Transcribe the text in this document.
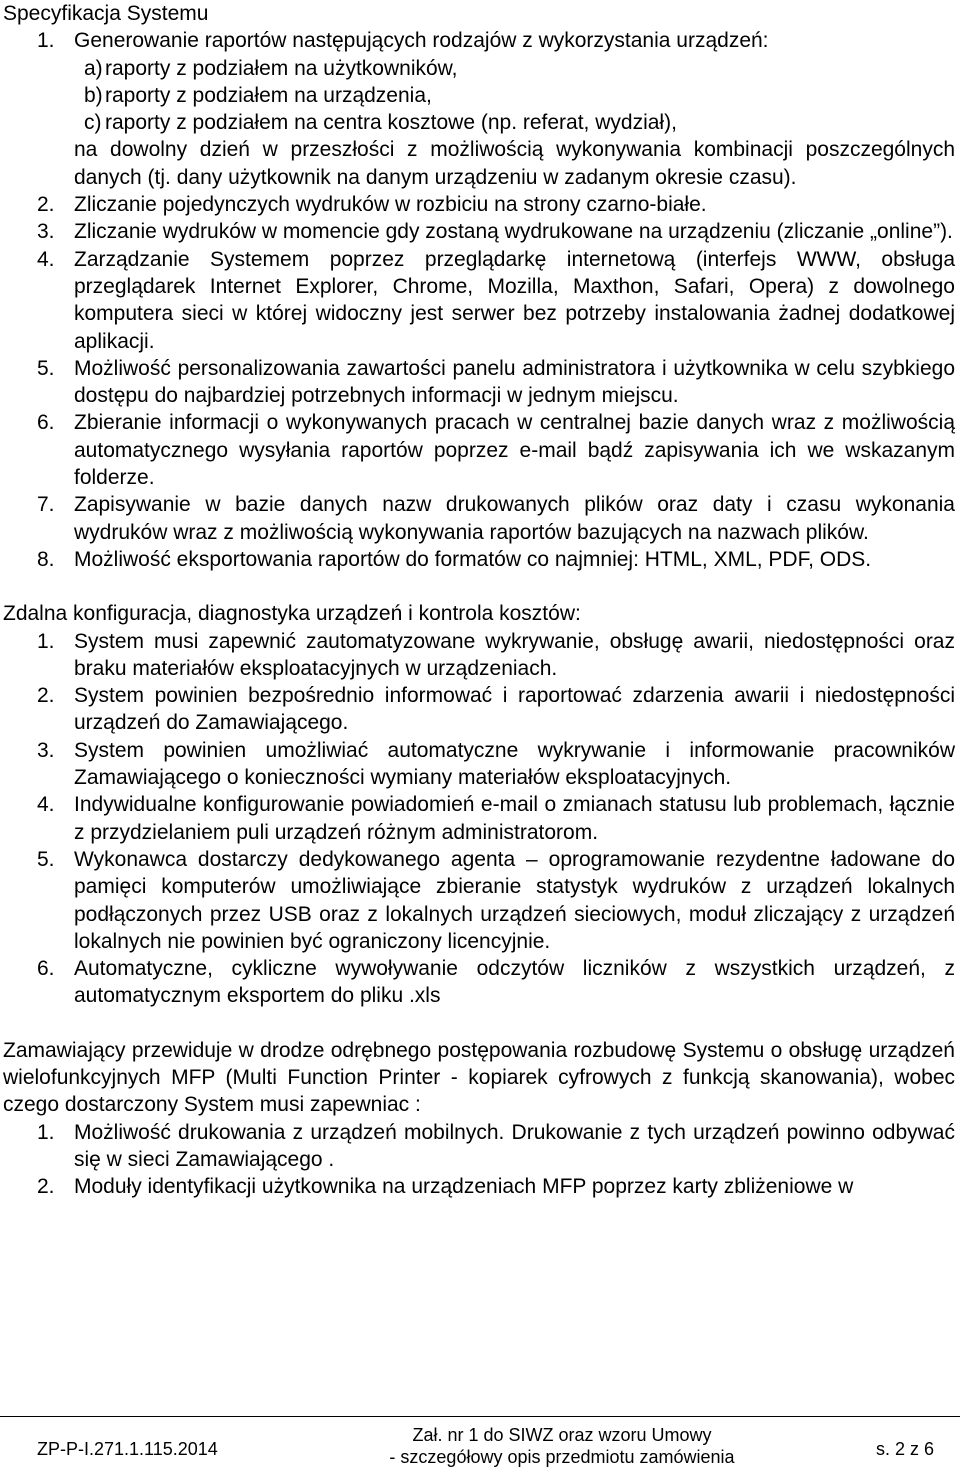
Specyfikacja Systemu
1. Generowanie raportów następujących rodzajów z wykorzystania urządzeń:
a) raporty z podziałem na użytkowników,
b) raporty z podziałem na urządzenia,
c) raporty z podziałem na centra kosztowe (np. referat, wydział),
na dowolny dzień w przeszłości z możliwością wykonywania kombinacji poszczególnych danych (tj. dany użytkownik na danym urządzeniu w zadanym okresie czasu).
2. Zliczanie pojedynczych wydruków w rozbiciu na strony czarno-białe.
3. Zliczanie wydruków w momencie gdy zostaną wydrukowane na urządzeniu (zliczanie „online”).
4. Zarządzanie Systemem poprzez przeglądarkę internetową (interfejs WWW, obsługa przeglądarek Internet Explorer, Chrome, Mozilla, Maxthon, Safari, Opera) z dowolnego komputera sieci w której widoczny jest serwer bez potrzeby instalowania żadnej dodatkowej aplikacji.
5. Możliwość personalizowania zawartości panelu administratora i użytkownika w celu szybkiego dostępu do najbardziej potrzebnych informacji w jednym miejscu.
6. Zbieranie informacji o wykonywanych pracach w centralnej bazie danych wraz z możliwością automatycznego wysyłania raportów poprzez e-mail bądź zapisywania ich we wskazanym folderze.
7. Zapisywanie w bazie danych nazw drukowanych plików oraz daty i czasu wykonania wydruków wraz z możliwością wykonywania raportów bazujących na nazwach plików.
8. Możliwość eksportowania raportów do formatów co najmniej: HTML, XML, PDF, ODS.
Zdalna konfiguracja, diagnostyka urządzeń i kontrola kosztów:
1. System musi zapewnić zautomatyzowane wykrywanie, obsługę awarii, niedostępności oraz braku materiałów eksploatacyjnych w urządzeniach.
2. System powinien bezpośrednio informować i raportować zdarzenia awarii i niedostępności urządzeń do Zamawiającego.
3. System powinien umożliwiać automatyczne wykrywanie i informowanie pracowników Zamawiającego o konieczności wymiany materiałów eksploatacyjnych.
4. Indywidualne konfigurowanie powiadomień e-mail o zmianach statusu lub problemach, łącznie z przydzielaniem puli urządzeń różnym administratorom.
5. Wykonawca dostarczy dedykowanego agenta – oprogramowanie rezydentne ładowane do pamięci komputerów umożliwiające zbieranie statystyk wydruków z urządzeń lokalnych podłączonych przez USB oraz z lokalnych urządzeń sieciowych, moduł zliczający z urządzeń lokalnych nie powinien być ograniczony licencyjnie.
6. Automatyczne, cykliczne wywoływanie odczytów liczników z wszystkich urządzeń, z automatycznym eksportem do pliku .xls
Zamawiający przewiduje w drodze odrębnego postępowania rozbudowę Systemu o obsługę urządzeń wielofunkcyjnych MFP (Multi Function Printer - kopiarek cyfrowych z funkcją skanowania), wobec czego dostarczony System musi zapewniac :
1. Możliwość drukowania z urządzeń mobilnych. Drukowanie z tych urządzeń powinno odbywać się w sieci Zamawiającego .
2. Moduły identyfikacji użytkownika na urządzeniach MFP poprzez karty zbliżeniowe w
ZP-P-I.271.1.115.2014
Zał. nr 1 do SIWZ oraz wzoru Umowy
- szczegółowy opis przedmiotu zamówienia	s. 2 z 6
